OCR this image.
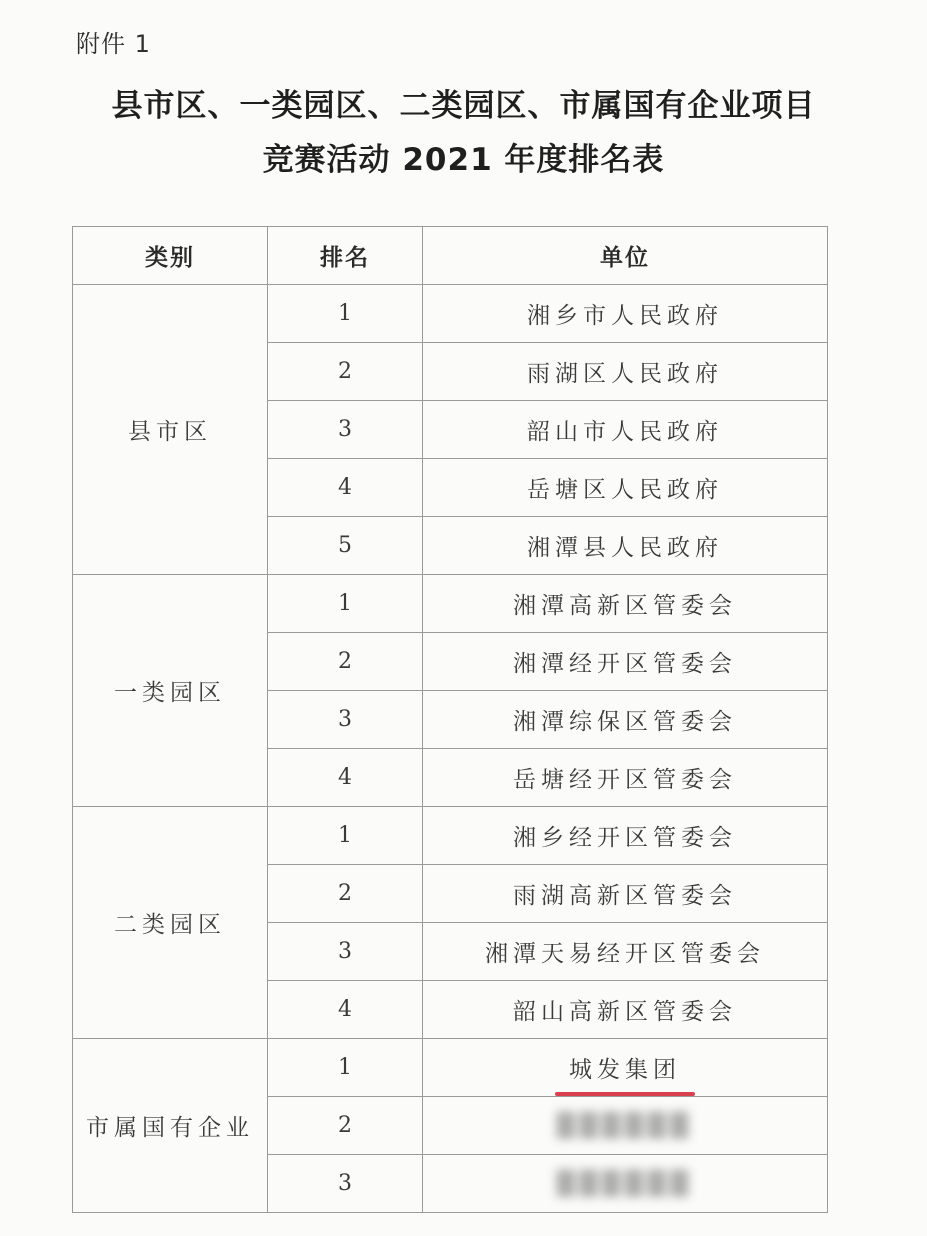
附件 1
县市区、一类园区、二类园区、市属国有企业项目
竞赛活动 2021 年度排名表
类别	排名	单位
县市区	1	湘乡市人民政府
	2	雨湖区人民政府
	3	韶山市人民政府
	4	岳塘区人民政府
	5	湘潭县人民政府
一类园区	1	湘潭高新区管委会
	2	湘潭经开区管委会
	3	湘潭综保区管委会
	4	岳塘经开区管委会
二类园区	1	湘乡经开区管委会
	2	雨湖高新区管委会
	3	湘潭天易经开区管委会
	4	韶山高新区管委会
市属国有企业	1	城发集团

	2	██████
	3	██████
